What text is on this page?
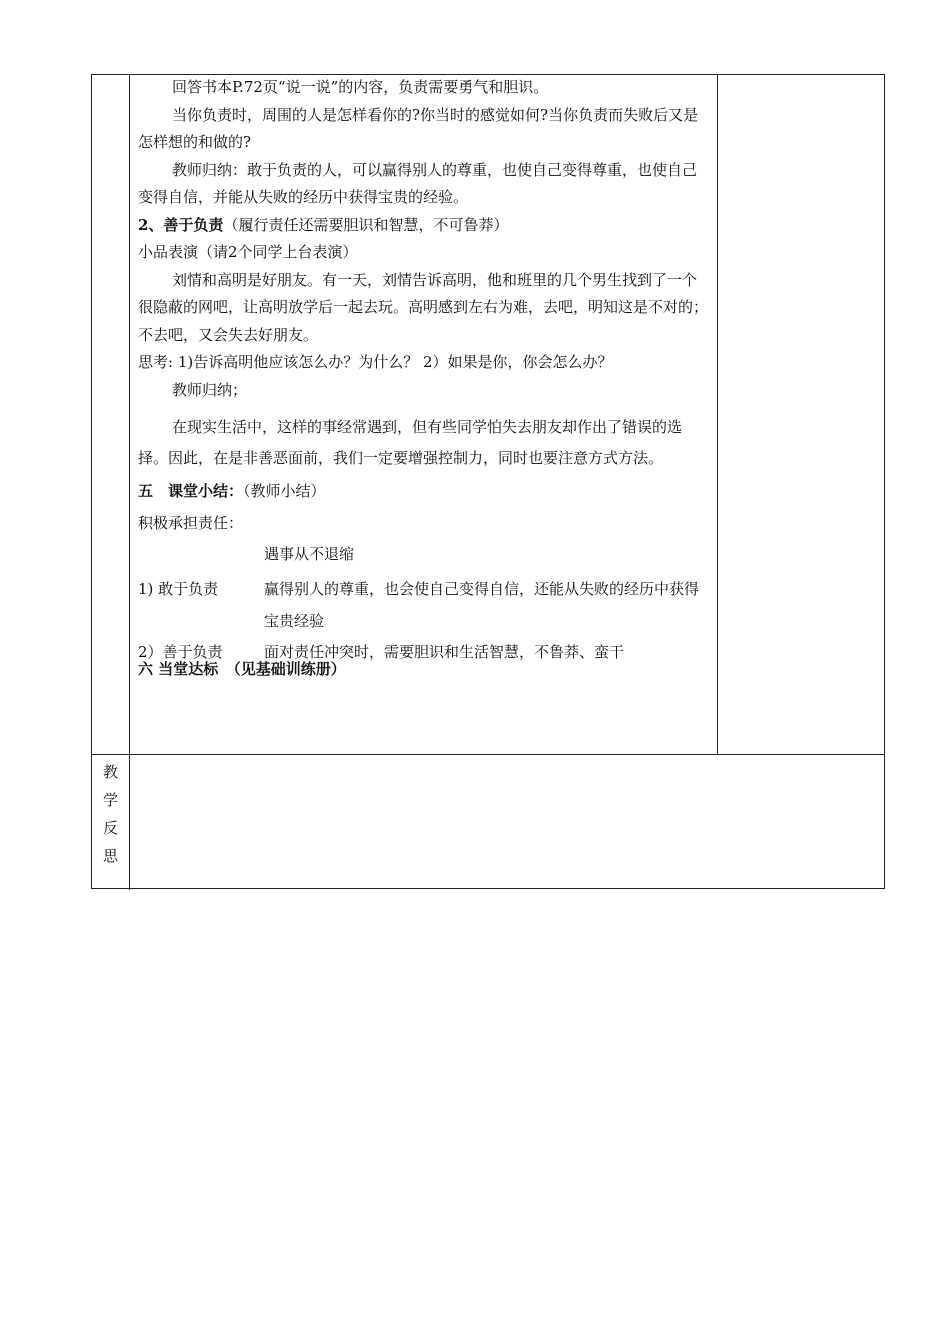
回答书本P.72页“说一说”的内容，负责需要勇气和胆识。

当你负责时，周围的人是怎样看你的?你当时的感觉如何?当你负责而失败后又是怎样想的和做的?

教师归纳：敢于负责的人，可以赢得别人的尊重，也使自己变得尊重，也使自己变得自信，并能从失败的经历中获得宝贵的经验。

2、善于负责（履行责任还需要胆识和智慧，不可鲁莽）

小品表演（请2个同学上台表演）

刘情和高明是好朋友。有一天，刘情告诉高明，他和班里的几个男生找到了一个很隐蔽的网吧，让高明放学后一起去玩。高明感到左右为难，去吧，明知这是不对的；不去吧，又会失去好朋友。

思考: 1)告诉高明他应该怎么办？为什么？ 2）如果是你，你会怎么办？

教师归纳；

在现实生活中，这样的事经常遇到，但有些同学怕失去朋友却作出了错误的选择。因此，在是非善恶面前，我们一定要增强控制力，同时也要注意方式方法。

五　课堂小结：（教师小结）

积极承担责任：

遇事从不退缩

1) 敢于负责	赢得别人的尊重，也会使自己变得自信，还能从失败的经历中获得宝贵经验
2）善于负责	面对责任冲突时，需要胆识和生活智慧，不鲁莽、蛮干

六 当堂达标　（见基础训练册）

教
学
反
思
